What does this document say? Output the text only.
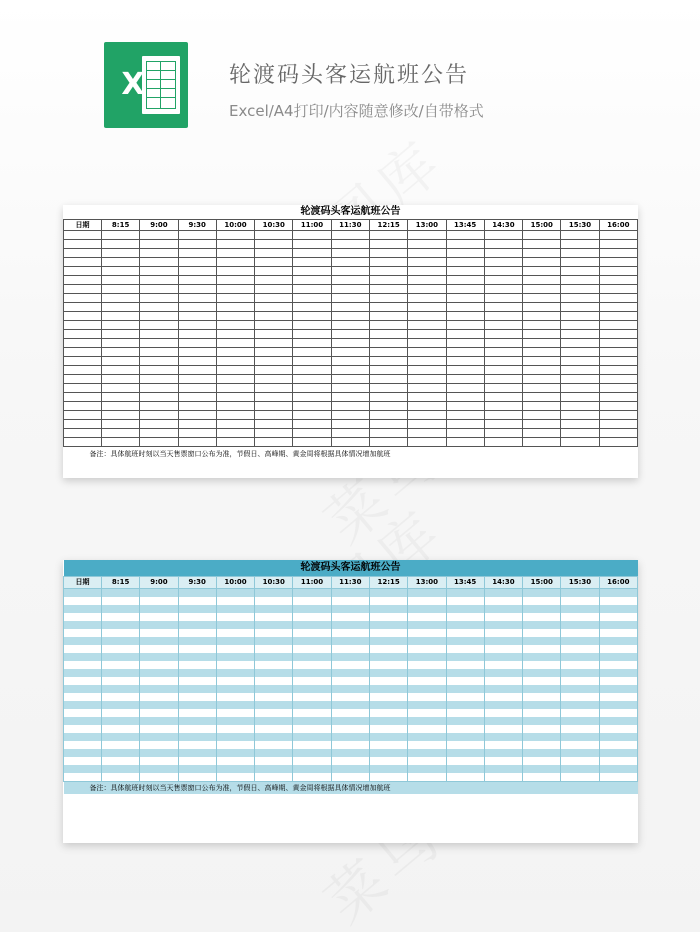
X	轮渡码头客运航班公告
Excel/A4打印/内容随意修改/自带格式
轮渡码头客运航班公告														
日期	8:15	9:00	9:30	10:00	10:30	11:00	11:30	12:15	13:00	13:45	14:30	15:00	15:30	16:00

备注：具体航班时刻以当天售票窗口公布为准，节假日、高峰期、黄金周将根据具体情况增加航班														
轮渡码头客运航班公告														
日期	8:15	9:00	9:30	10:00	10:30	11:00	11:30	12:15	13:00	13:45	14:30	15:00	15:30	16:00

备注：具体航班时刻以当天售票窗口公布为准，节假日、高峰期、黄金周将根据具体情况增加航班														
